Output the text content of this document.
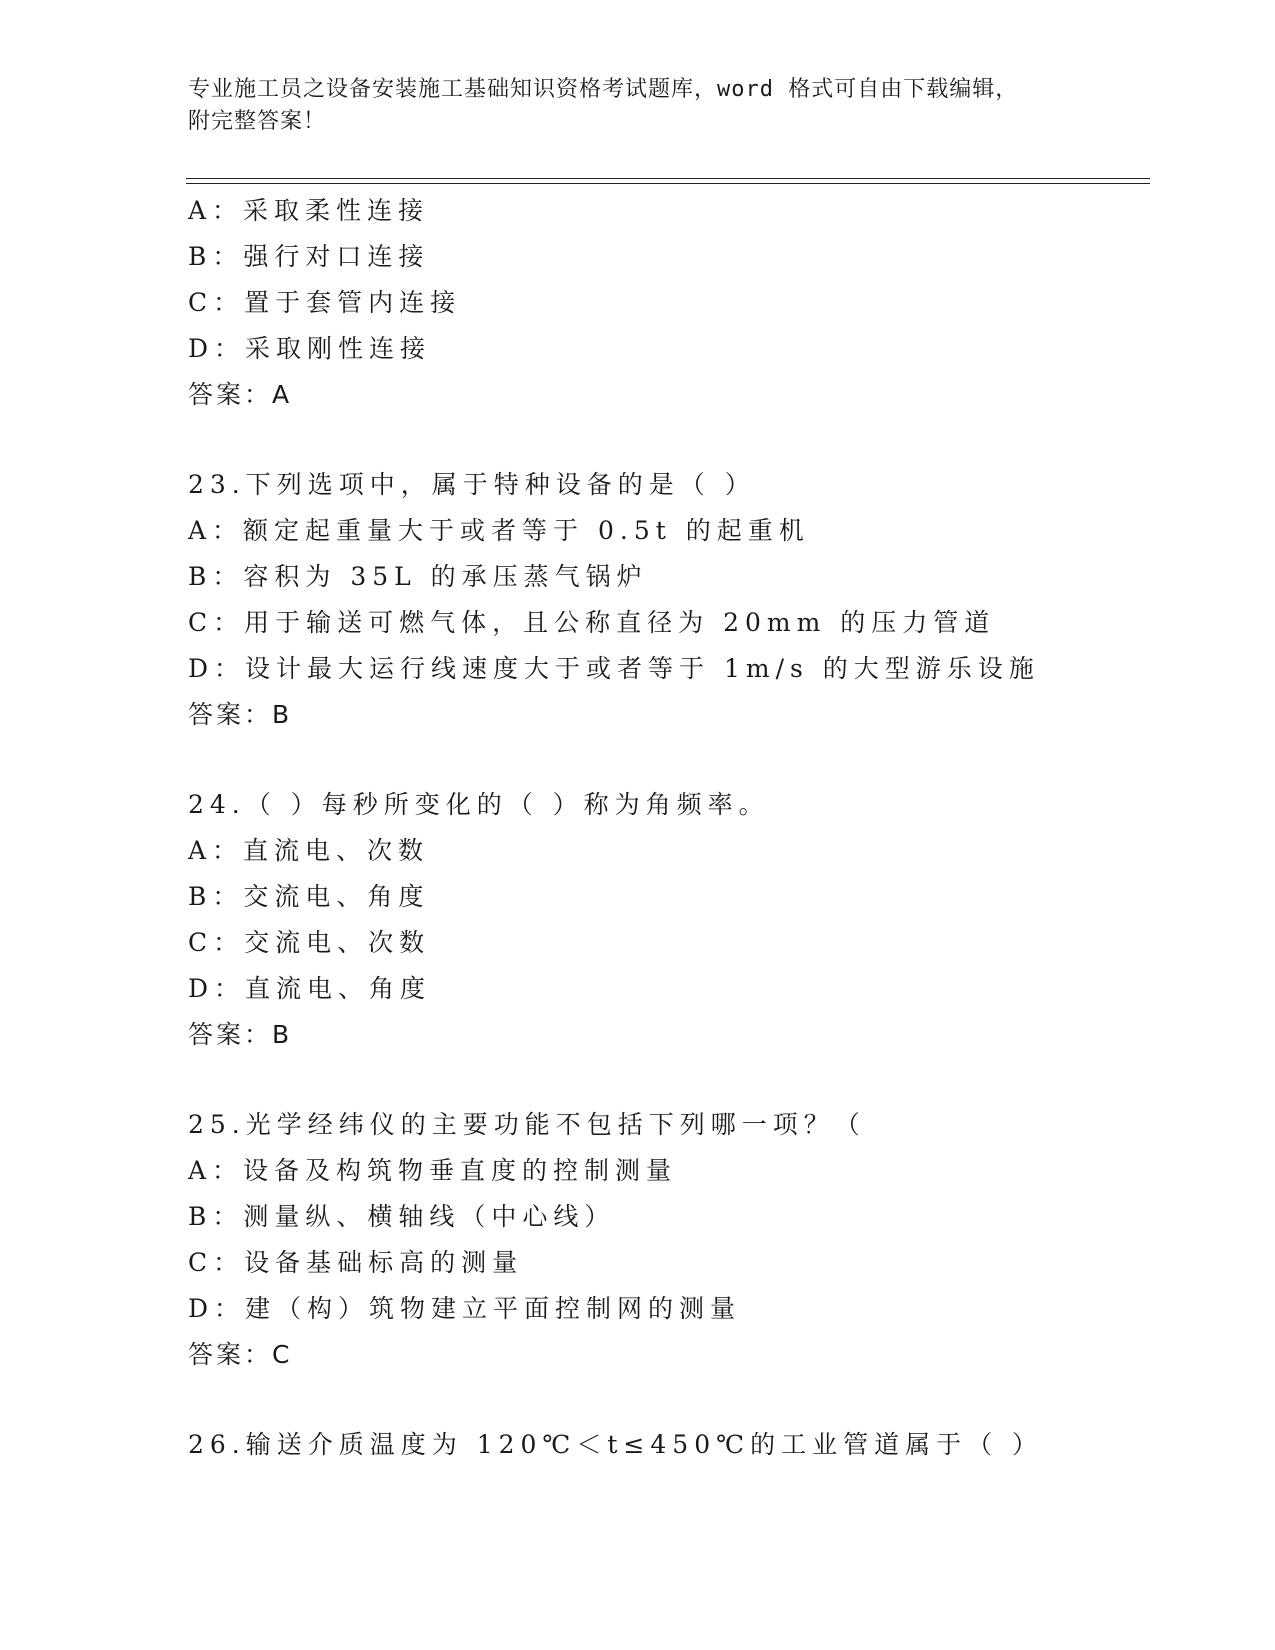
专业施工员之设备安装施工基础知识资格考试题库，word 格式可自由下载编辑，
附完整答案！
A：采取柔性连接
B：强行对口连接
C：置于套管内连接
D：采取刚性连接
答案：A
23.下列选项中，属于特种设备的是（ ）
A：额定起重量大于或者等于 0.5t 的起重机
B：容积为 35L 的承压蒸气锅炉
C：用于输送可燃气体，且公称直径为 20mm 的压力管道
D：设计最大运行线速度大于或者等于 1m/s 的大型游乐设施
答案：B
24.（ ）每秒所变化的（ ）称为角频率。
A：直流电、次数
B：交流电、角度
C：交流电、次数
D：直流电、角度
答案：B
25.光学经纬仪的主要功能不包括下列哪一项？（
A：设备及构筑物垂直度的控制测量
B：测量纵、横轴线（中心线）
C：设备基础标高的测量
D：建（构）筑物建立平面控制网的测量
答案：C
26.输送介质温度为 120℃＜t≤450℃的工业管道属于（ ）
